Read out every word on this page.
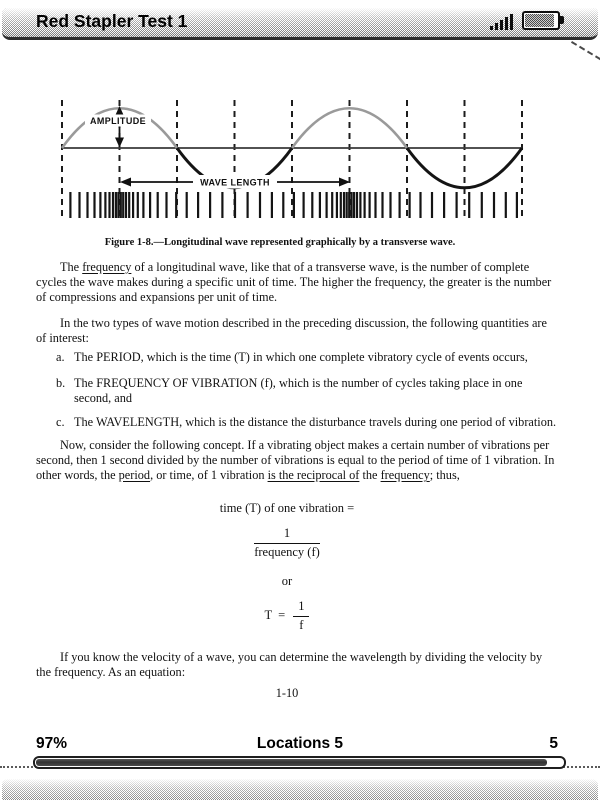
Red Stapler Test 1
AMPLITUDE
WAVE LENGTH
Figure 1-8.—Longitudinal wave represented graphically by a transverse wave.

The frequency of a longitudinal wave, like that of a transverse wave, is the number of complete cycles the wave makes during a specific unit of time. The higher the frequency, the greater is the number of compressions and expansions per unit of time.

In the two types of wave motion described in the preceding discussion, the following quantities are of interest:

a. The PERIOD, which is the time (T) in which one complete vibratory cycle of events occurs,
b. The FREQUENCY OF VIBRATION (f), which is the number of cycles taking place in one second, and
c. The WAVELENGTH, which is the distance the disturbance travels during one period of vibration.

Now, consider the following concept. If a vibrating object makes a certain number of vibrations per second, then 1 second divided by the number of vibrations is equal to the period of time of 1 vibration. In other words, the period, or time, of 1 vibration is the reciprocal of the frequency; thus,

time (T) of one vibration =
$\frac{1}{\text{frequency (f)}}$
or
$T = \frac{1}{f}$

If you know the velocity of a wave, you can determine the wavelength by dividing the velocity by the frequency. As an equation:

1-10
97%	Locations 5	5
